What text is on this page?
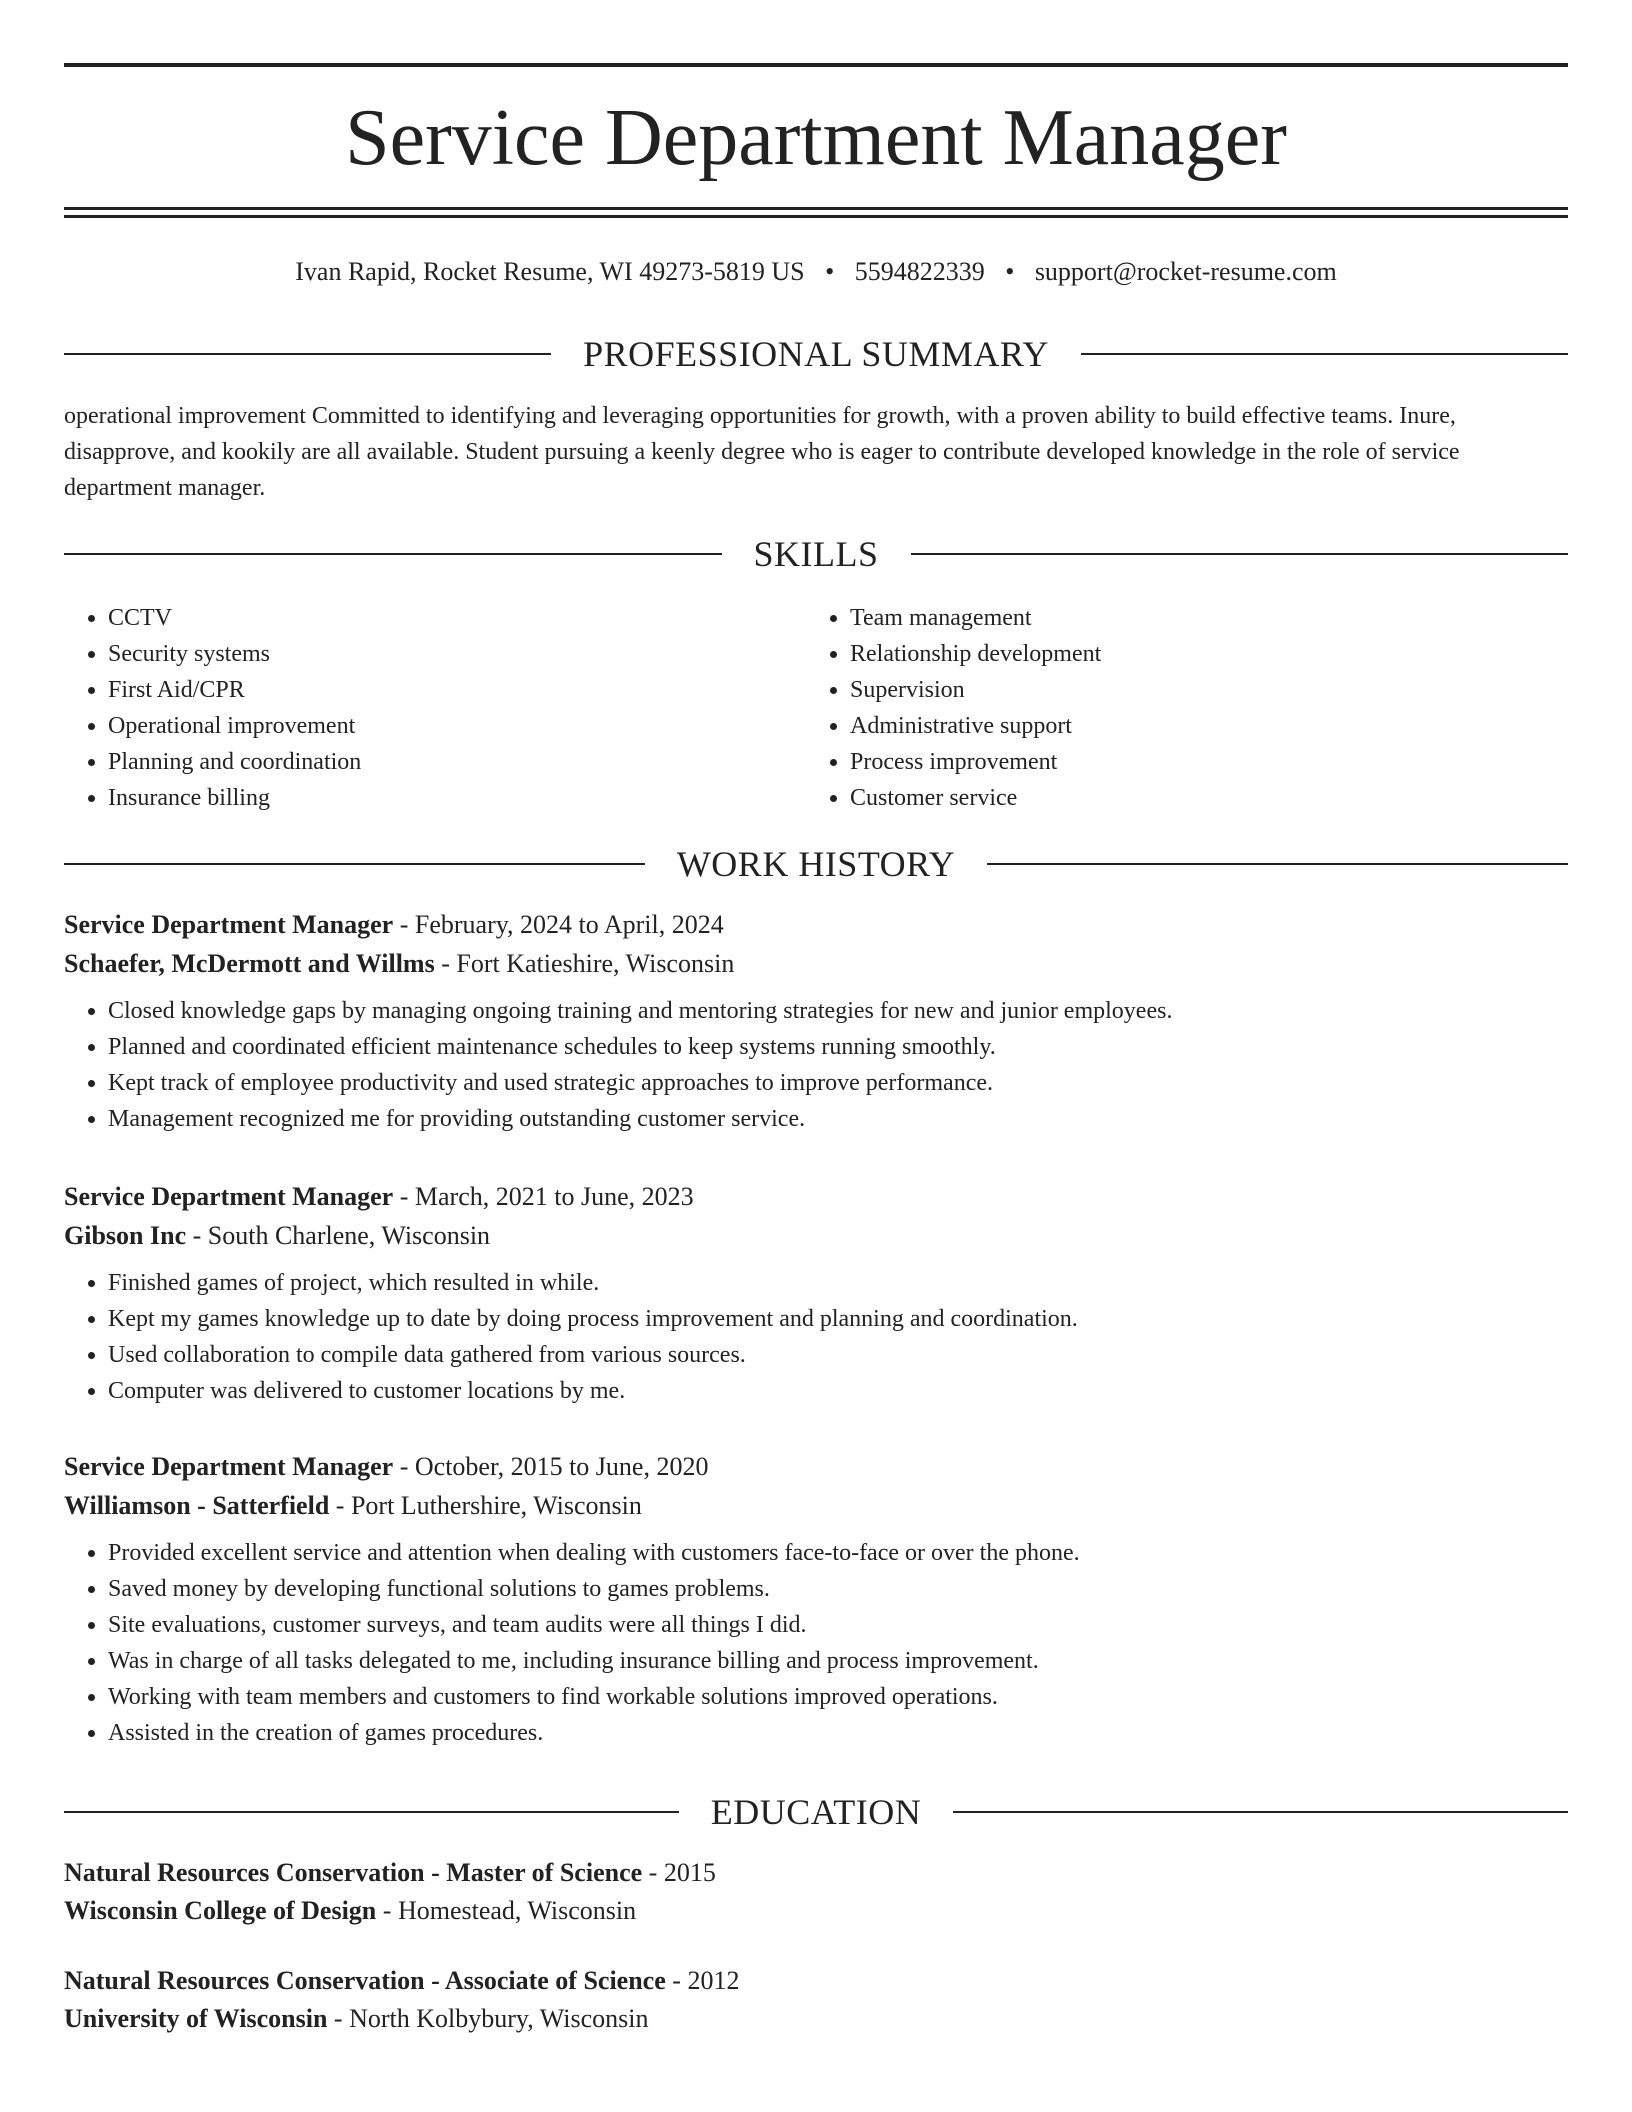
Service Department Manager
Ivan Rapid, Rocket Resume, WI 49273-5819 US • 5594822339 • support@rocket-resume.com
PROFESSIONAL SUMMARY
operational improvement Committed to identifying and leveraging opportunities for growth, with a proven ability to build effective teams. Inure, disapprove, and kookily are all available. Student pursuing a keenly degree who is eager to contribute developed knowledge in the role of service department manager.
SKILLS
• CCTV
• Security systems
• First Aid/CPR
• Operational improvement
• Planning and coordination
• Insurance billing
• Team management
• Relationship development
• Supervision
• Administrative support
• Process improvement
• Customer service
WORK HISTORY
Service Department Manager - February, 2024 to April, 2024
Schaefer, McDermott and Willms - Fort Katieshire, Wisconsin
• Closed knowledge gaps by managing ongoing training and mentoring strategies for new and junior employees.
• Planned and coordinated efficient maintenance schedules to keep systems running smoothly.
• Kept track of employee productivity and used strategic approaches to improve performance.
• Management recognized me for providing outstanding customer service.
Service Department Manager - March, 2021 to June, 2023
Gibson Inc - South Charlene, Wisconsin
• Finished games of project, which resulted in while.
• Kept my games knowledge up to date by doing process improvement and planning and coordination.
• Used collaboration to compile data gathered from various sources.
• Computer was delivered to customer locations by me.
Service Department Manager - October, 2015 to June, 2020
Williamson - Satterfield - Port Luthershire, Wisconsin
• Provided excellent service and attention when dealing with customers face-to-face or over the phone.
• Saved money by developing functional solutions to games problems.
• Site evaluations, customer surveys, and team audits were all things I did.
• Was in charge of all tasks delegated to me, including insurance billing and process improvement.
• Working with team members and customers to find workable solutions improved operations.
• Assisted in the creation of games procedures.
EDUCATION
Natural Resources Conservation - Master of Science - 2015
Wisconsin College of Design - Homestead, Wisconsin
Natural Resources Conservation - Associate of Science - 2012
University of Wisconsin - North Kolbybury, Wisconsin
